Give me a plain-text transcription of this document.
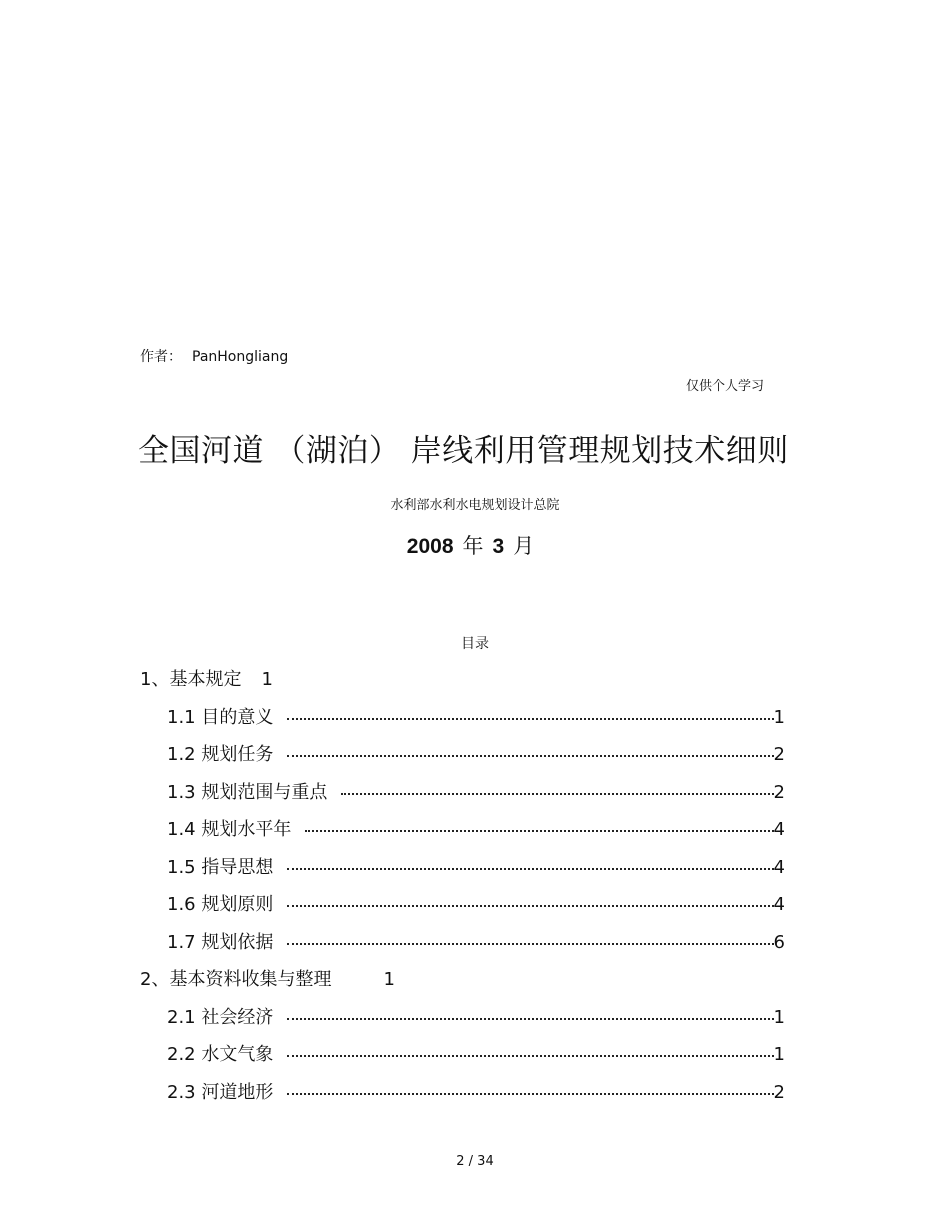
作者： PanHongliang
仅供个人学习
全国河道 （湖泊） 岸线利用管理规划技术细则
水利部水利水电规划设计总院
2008 年 3 月
目录
1、基本规定 1
1.1 目的意义	1
1.2 规划任务	2
1.3 规划范围与重点	2
1.4 规划水平年	4
1.5 指导思想	4
1.6 规划原则	4
1.7 规划依据	6
2、基本资料收集与整理	1
2.1 社会经济	1
2.2 水文气象	1
2.3 河道地形	2
2 / 34
